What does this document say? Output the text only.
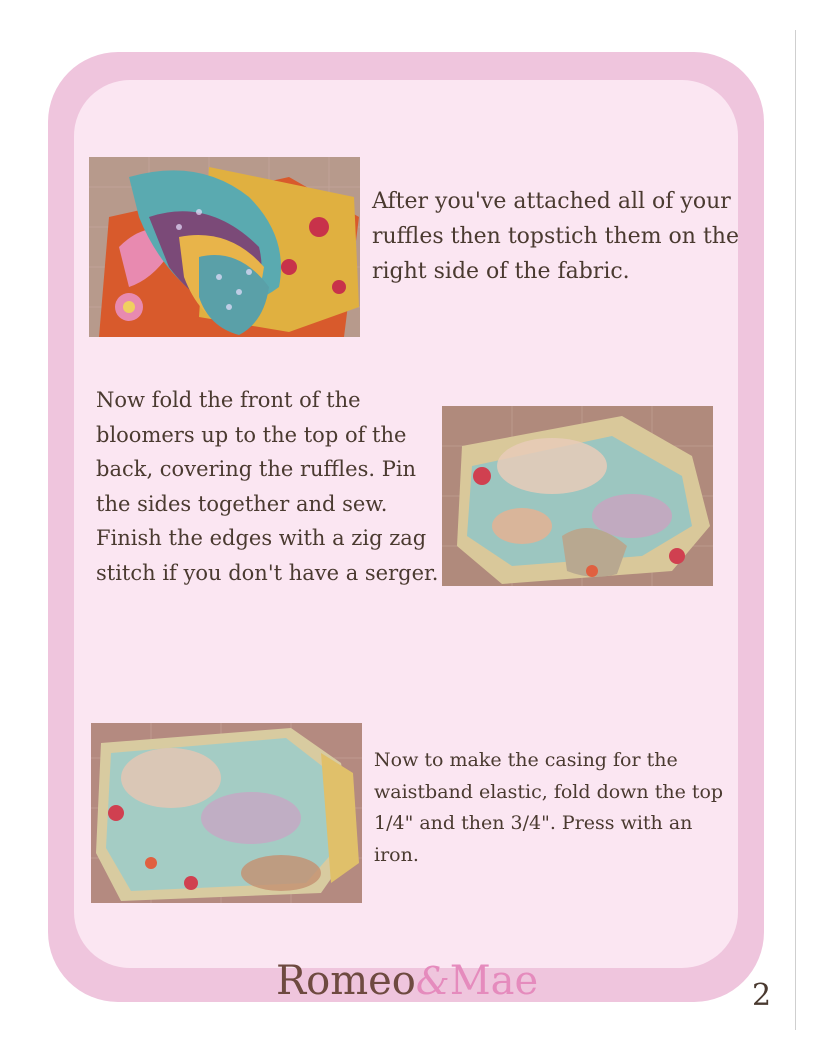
After you've attached all of your ruffles then topstich them on the right side of the fabric.

Now fold the front of the bloomers up to the top of the back, covering the ruffles. Pin the sides together and sew. Finish the edges with a zig zag stitch if you don't have a serger.

Now to make the casing for the waistband elastic, fold down the top 1/4" and then 3/4". Press with an iron.

Romeo&Mae	2
